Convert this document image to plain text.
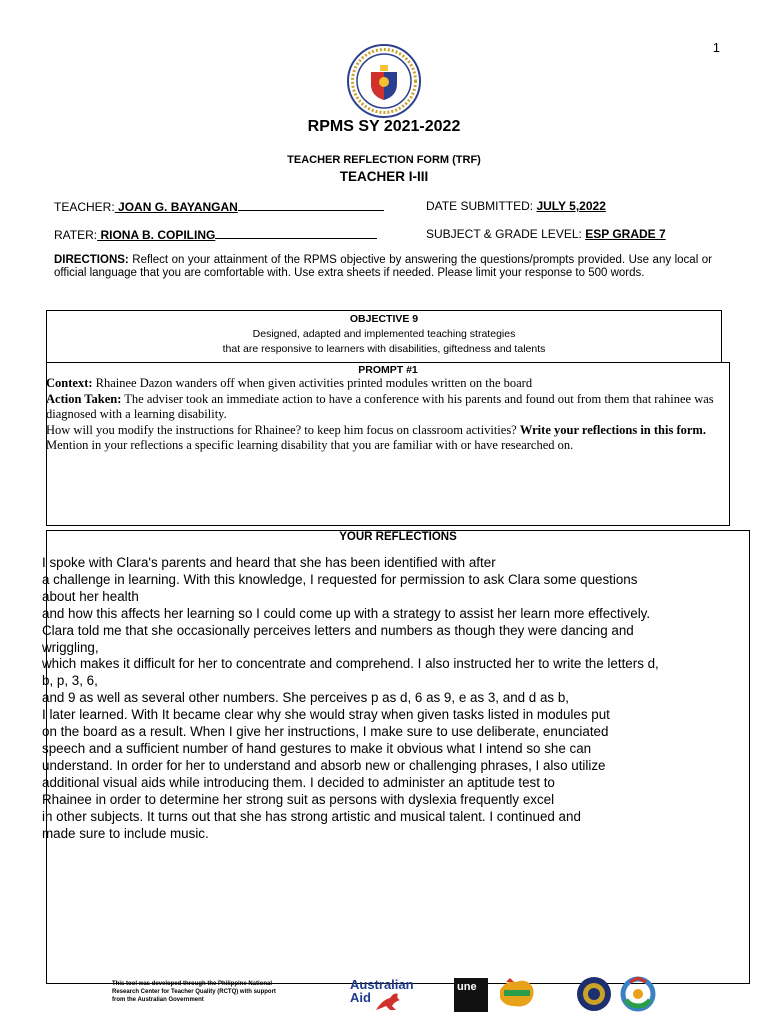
1
RPMS SY 2021-2022
TEACHER REFLECTION FORM (TRF)
TEACHER I-III
TEACHER: JOAN G. BAYANGAN	DATE SUBMITTED: JULY 5,2022
RATER: RIONA B. COPILING	SUBJECT & GRADE LEVEL: ESP GRADE 7
DIRECTIONS: Reflect on your attainment of the RPMS objective by answering the questions/prompts provided. Use any local or official language that you are comfortable with. Use extra sheets if needed. Please limit your response to 500 words.
OBJECTIVE 9
Designed, adapted and implemented teaching strategies
that are responsive to learners with disabilities, giftedness and talents
PROMPT #1
Context: Rhainee Dazon wanders off when given activities printed modules written on the board
Action Taken: The adviser took an immediate action to have a conference with his parents and found out from them that rahinee was diagnosed with a learning disability.
How will you modify the instructions for Rhainee? to keep him focus on classroom activities? Write your reflections in this form. Mention in your reflections a specific learning disability that you are familiar with or have researched on.
YOUR REFLECTIONS
I spoke with Clara's parents and heard that she has been identified with after
a challenge in learning. With this knowledge, I requested for permission to ask Clara some questions
about her health
and how this affects her learning so I could come up with a strategy to assist her learn more effectively.
Clara told me that she occasionally perceives letters and numbers as though they were dancing and
wriggling,
which makes it difficult for her to concentrate and comprehend. I also instructed her to write the letters d,
b, p, 3, 6,
and 9 as well as several other numbers. She perceives p as d, 6 as 9, e as 3, and d as b,
I later learned. With It became clear why she would stray when given tasks listed in modules put
on the board as a result. When I give her instructions, I make sure to use deliberate, enunciated
speech and a sufficient number of hand gestures to make it obvious what I intend so she can
understand. In order for her to understand and absorb new or challenging phrases, I also utilize
additional visual aids while introducing them. I decided to administer an aptitude test to
Rhainee in order to determine her strong suit as persons with dyslexia frequently excel
in other subjects. It turns out that she has strong artistic and musical talent. I continued and
made sure to include music.
This tool was developed through the Philippine National
Research Center for Teacher Quality (RCTQ) with support
from the Australian Government
Australian
Aid
une
